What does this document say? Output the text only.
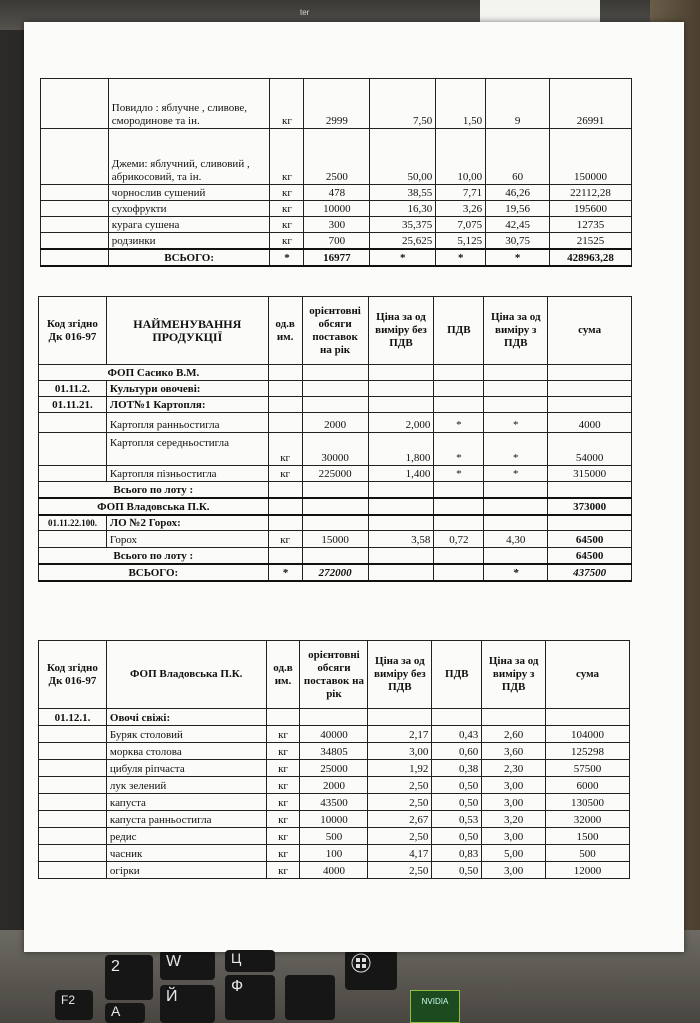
ter
F2
2
Й
W
Ф
NVIDIA
	Повидло : яблучне , сливове, смородинове та ін.	кг	2999	7,50	1,50	9	26991
	Джеми: яблучний, сливовий , абрикосовий, та ін.	кг	2500	50,00	10,00	60	150000
	чорнослив сушений	кг	478	38,55	7,71	46,26	22112,28
	сухофрукти	кг	10000	16,30	3,26	19,56	195600
	курага сушена	кг	300	35,375	7,075	42,45	12735
	родзинки	кг	700	25,625	5,125	30,75	21525
	ВСЬОГО:	*	16977	*	*	*	428963,28
Код згідно Дк 016-97	НАЙМЕНУВАННЯ ПРОДУКЦІЇ	од.в им.	орієнтовні обсяги поставок на рік	Ціна за од виміру без ПДВ	ПДВ	Ціна за од виміру з ПДВ	сума
ФОП Сасико В.М.							
01.11.2.	Культури овочеві:						
01.11.21.	ЛОТ№1 Картопля:						
	Картопля ранньостигла		2000	2,000	*	*	4000
	Картопля середньостигла	кг	30000	1,800	*	*	54000
	Картопля пізньостигла	кг	225000	1,400	*	*	315000
Всього по лоту :							
ФОП Владовська П.К.							373000
01.11.22.100.	ЛО №2 Горох:						
	Горох	кг	15000	3,58	0,72	4,30	64500
Всього по лоту :							64500
ВСЬОГО:		*	272000			*	437500
Код згідно Дк 016-97	ФОП Владовська П.К.	од.в им.	орієнтовні обсяги поставок на рік	Ціна за од виміру без ПДВ	ПДВ	Ціна за од виміру з ПДВ	сума
01.12.1.	Овочі свіжі:						
	Буряк столовий	кг	40000	2,17	0,43	2,60	104000
	морква столова	кг	34805	3,00	0,60	3,60	125298
	цибуля ріпчаста	кг	25000	1,92	0,38	2,30	57500
	лук зелений	кг	2000	2,50	0,50	3,00	6000
	капуста	кг	43500	2,50	0,50	3,00	130500
	капуста ранньостигла	кг	10000	2,67	0,53	3,20	32000
	редис	кг	500	2,50	0,50	3,00	1500
	часник	кг	100	4,17	0,83	5,00	500
	огірки	кг	4000	2,50	0,50	3,00	12000
Ц
A
